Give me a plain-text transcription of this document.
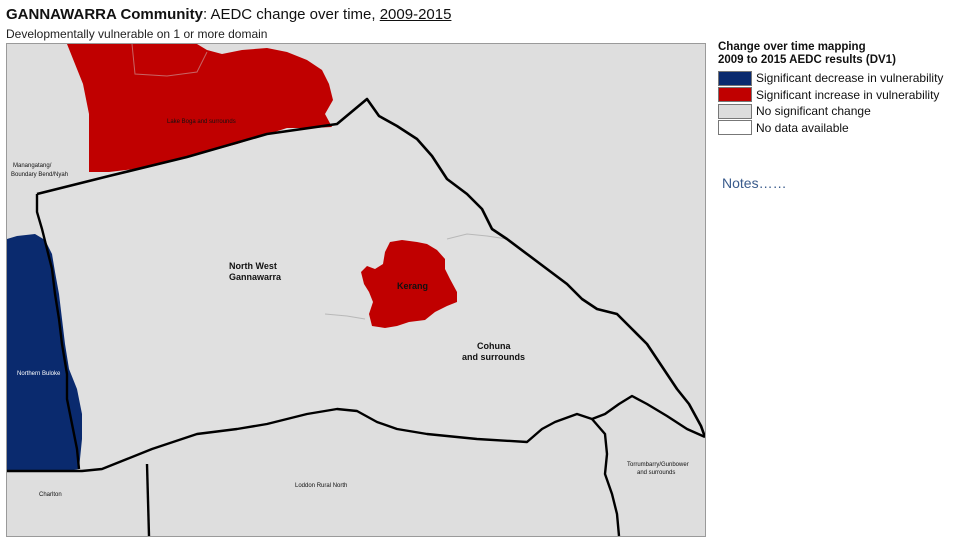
GANNAWARRA Community: AEDC change over time, 2009-2015
Developmentally vulnerable on 1 or more domain
Kerang
North West
Gannawarra
Cohuna
and surrounds
Lake Boga and surrounds
Manangatang/
Boundary Bend/Nyah
Northern Buloke
Charlton
Loddon Rural North
Torrumbarry/Gunbower
and surrounds
Change over time mapping
2009 to 2015 AEDC results (DV1)
Significant decrease in vulnerability
Significant increase in vulnerability
No significant change
No data available
Notes……
